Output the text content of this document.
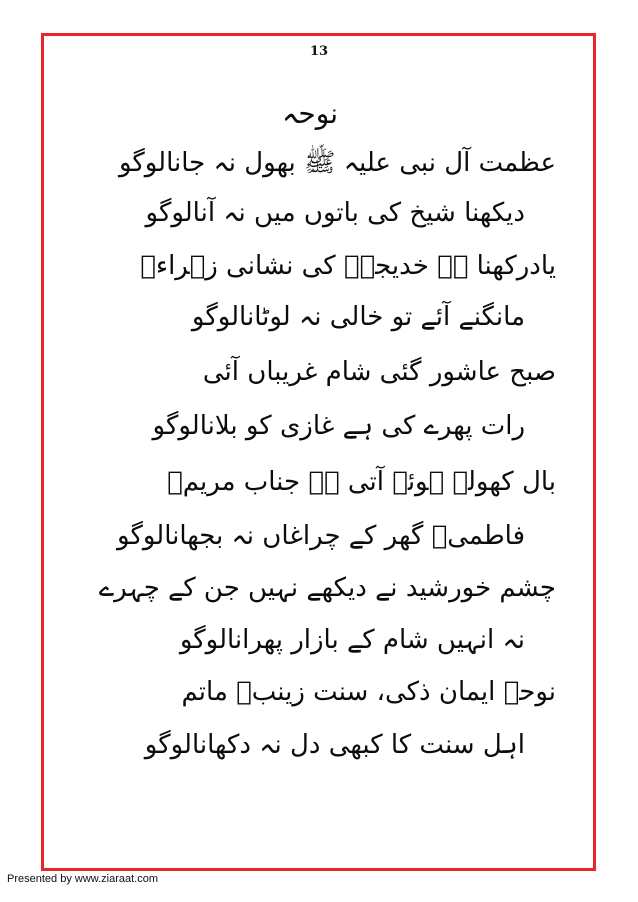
13
نوحہ
عظمت آل نبی علیہ ﷺ بھول نہ جانالوگو
دیکھنا شیخ کی باتوں میں نہ آنالوگو
یادرکھنا ہے خدیجہؓ کی نشانی زہراءؓ
مانگنے آئے تو خالی نہ لوٹانالوگو
صبح عاشور گئی شام غریباں آئی
رات پھرے کی ہے غازی کو بلانالوگو
بال کھولے ہوئے آتی ہے جناب مریمؑ
فاطمیؑ گھر کے چراغاں نہ بجھانالوگو
چشم خورشید نے دیکھے نہیں جن کے چہرے
نہ انہیں شام کے بازار پھرانالوگو
نوحہ ایمان ذکی، سنت زینبؑ ماتم
اہل سنت کا کبھی دل نہ دکھانالوگو
Presented by www.ziaraat.com
